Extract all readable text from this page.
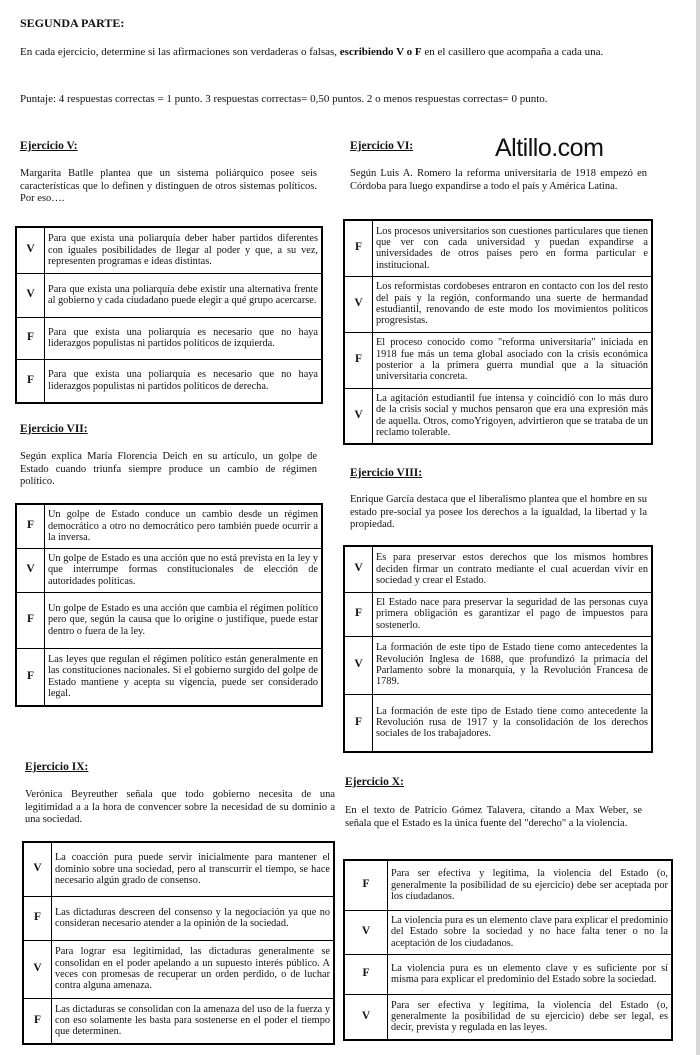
SEGUNDA PARTE:
En cada ejercicio, determine si las afirmaciones son verdaderas o falsas, escribiendo V o F en el casillero que acompaña a cada una.
Puntaje: 4 respuestas correctas = 1 punto. 3 respuestas correctas= 0,50 puntos. 2 o menos respuestas correctas= 0 punto.
Altillo.com
Ejercicio V:
Margarita Batlle plantea que un sistema poliárquico posee seis características que lo definen y distinguen de otros sistemas políticos. Por eso….
V	Para que exista una poliarquía deber haber partidos diferentes con iguales posibilidades de llegar al poder y que, a su vez, representen programas e ideas distintas.
V	Para que exista una poliarquía debe existir una alternativa frente al gobierno y cada ciudadano puede elegir a qué grupo acercarse.
F	Para que exista una poliarquía es necesario que no haya liderazgos populistas ni partidos políticos de izquierda.
F	Para que exista una poliarquía es necesario que no haya liderazgos populistas ni partidos políticos de derecha.
Ejercicio VI:
Según Luis A. Romero la reforma universitaria de 1918 empezó en Córdoba para luego expandirse a todo el país y América Latina.
F	Los procesos universitarios son cuestiones particulares que tienen que ver con cada universidad y puedan expandirse a universidades de otros países pero en forma particular e institucional.
V	Los reformistas cordobeses entraron en contacto con los del resto del país y la región, conformando una suerte de hermandad estudiantil, renovando de este modo los movimientos políticos progresistas.
F	El proceso conocido como "reforma universitaria" iniciada en 1918 fue más un tema global asociado con la crisis económica posterior a la primera guerra mundial que a la situación universitaria concreta.
V	La agitación estudiantil fue intensa y coincidió con lo más duro de la crisis social y muchos pensaron que era una expresión más de aquella. Otros, comoYrigoyen, advirtieron que se trataba de un reclamo tolerable.
Ejercicio VII:
Según explica María Florencia Deich en su artículo, un golpe de Estado cuando triunfa siempre produce un cambio de régimen político.
F	Un golpe de Estado conduce un cambio desde un régimen democrático a otro no democrático pero también puede ocurrir a la inversa.
V	Un golpe de Estado es una acción que no está prevista en la ley y que interrumpe formas constitucionales de elección de autoridades políticas.
F	Un golpe de Estado es una acción que cambia el régimen político pero que, según la causa que lo origine o justifique, puede estar dentro o fuera de la ley.
F	Las leyes que regulan el régimen político están generalmente en las constituciones nacionales. Si el gobierno surgido del golpe de Estado mantiene y acepta su vigencia, puede ser considerado legal.
Ejercicio VIII:
Enrique García destaca que el liberalismo plantea que el hombre en su estado pre-social ya posee los derechos a la igualdad, la libertad y la propiedad.
V	Es para preservar estos derechos que los mismos hombres deciden firmar un contrato mediante el cual acuerdan vivir en sociedad y crear el Estado.
F	El Estado nace para preservar la seguridad de las personas cuya primera obligación es garantizar el pago de impuestos para sostenerlo.
V	La formación de este tipo de Estado tiene como antecedentes la Revolución Inglesa de 1688, que profundizó la primacía del Parlamento sobre la monarquía, y la Revolución Francesa de 1789.
F	La formación de este tipo de Estado tiene como antecedente la Revolución rusa de 1917 y la consolidación de los derechos sociales de los trabajadores.
Ejercicio IX:
Verónica Beyreuther señala que todo gobierno necesita de una legitimidad a a la hora de convencer sobre la necesidad de su dominio a una sociedad.
V	La coacción pura puede servir inicialmente para mantener el dominio sobre una sociedad, pero al transcurrir el tiempo, se hace necesario algún grado de consenso.
F	Las dictaduras descreen del consenso y la negociación ya que no consideran necesario atender a la opinión de la sociedad.
V	Para lograr esa legitimidad, las dictaduras generalmente se consolidan en el poder apelando a un supuesto interés público. A veces con promesas de recuperar un orden perdido, o de luchar contra alguna amenaza.
F	Las dictaduras se consolidan con la amenaza del uso de la fuerza y con eso solamente les basta para sostenerse en el poder el tiempo que determinen.
Ejercicio X:
En el texto de Patricio Gómez Talavera, citando a Max Weber, se señala que el Estado es la única fuente del "derecho" a la violencia.
F	Para ser efectiva y legítima, la violencia del Estado (o, generalmente la posibilidad de su ejercicio) debe ser aceptada por los ciudadanos.
V	La violencia pura es un elemento clave para explicar el predominio del Estado sobre la sociedad y no hace falta tener o no la aceptación de los ciudadanos.
F	La violencia pura es un elemento clave y es suficiente por sí misma para explicar el predominio del Estado sobre la sociedad.
V	Para ser efectiva y legítima, la violencia del Estado (o, generalmente la posibilidad de su ejercicio) debe ser legal, es decir, prevista y regulada en las leyes.
